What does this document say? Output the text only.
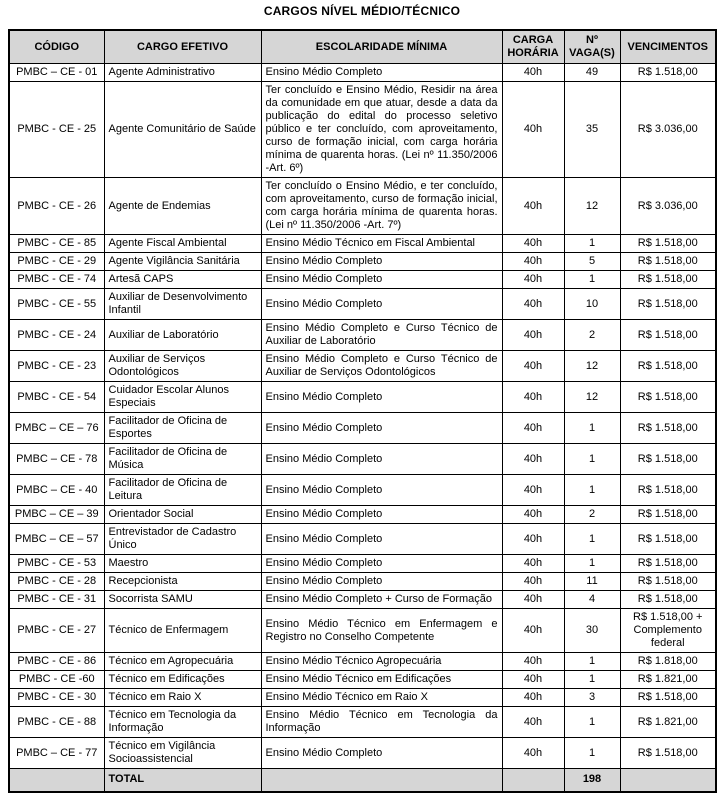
CARGOS NÍVEL MÉDIO/TÉCNICO
CÓDIGO	CARGO EFETIVO	ESCOLARIDADE MÍNIMA	CARGA HORÁRIA	Nº VAGA(S)	VENCIMENTOS
PMBC – CE - 01	Agente Administrativo	Ensino Médio Completo	40h	49	R$ 1.518,00
PMBC - CE - 25	Agente Comunitário de Saúde	Ter concluído e Ensino Médio, Residir na área da comunidade em que atuar, desde a data da publicação do edital do processo seletivo público e ter concluído, com aproveitamento, curso de formação inicial, com carga horária mínima de quarenta horas. (Lei nº 11.350/2006 -Art. 6º)	40h	35	R$ 3.036,00
PMBC - CE - 26	Agente de Endemias	Ter concluído o Ensino Médio, e ter concluído, com aproveitamento, curso de formação inicial, com carga horária mínima de quarenta horas. (Lei nº 11.350/2006 -Art. 7º)	40h	12	R$ 3.036,00
PMBC - CE - 85	Agente Fiscal Ambiental	Ensino Médio Técnico em Fiscal Ambiental	40h	1	R$ 1.518,00
PMBC - CE - 29	Agente Vigilância Sanitária	Ensino Médio Completo	40h	5	R$ 1.518,00
PMBC - CE - 74	Artesã CAPS	Ensino Médio Completo	40h	1	R$ 1.518,00
PMBC - CE - 55	Auxiliar de Desenvolvimento Infantil	Ensino Médio Completo	40h	10	R$ 1.518,00
PMBC - CE - 24	Auxiliar de Laboratório	Ensino Médio Completo e Curso Técnico de Auxiliar de Laboratório	40h	2	R$ 1.518,00
PMBC - CE - 23	Auxiliar de Serviços Odontológicos	Ensino Médio Completo e Curso Técnico de Auxiliar de Serviços Odontológicos	40h	12	R$ 1.518,00
PMBC - CE - 54	Cuidador Escolar Alunos Especiais	Ensino Médio Completo	40h	12	R$ 1.518,00
PMBC – CE – 76	Facilitador de Oficina de Esportes	Ensino Médio Completo	40h	1	R$ 1.518,00
PMBC – CE - 78	Facilitador de Oficina de Música	Ensino Médio Completo	40h	1	R$ 1.518,00
PMBC – CE - 40	Facilitador de Oficina de Leitura	Ensino Médio Completo	40h	1	R$ 1.518,00
PMBC – CE – 39	Orientador Social	Ensino Médio Completo	40h	2	R$ 1.518,00
PMBC – CE – 57	Entrevistador de Cadastro Único	Ensino Médio Completo	40h	1	R$ 1.518,00
PMBC - CE - 53	Maestro	Ensino Médio Completo	40h	1	R$ 1.518,00
PMBC - CE - 28	Recepcionista	Ensino Médio Completo	40h	11	R$ 1.518,00
PMBC - CE - 31	Socorrista SAMU	Ensino Médio Completo + Curso de Formação	40h	4	R$ 1.518,00
PMBC - CE - 27	Técnico de Enfermagem	Ensino Médio Técnico em Enfermagem e Registro no Conselho Competente	40h	30	R$ 1.518,00 + Complemento federal
PMBC - CE - 86	Técnico em Agropecuária	Ensino Médio Técnico Agropecuária	40h	1	R$ 1.818,00
PMBC - CE -60	Técnico em Edificações	Ensino Médio Técnico em Edificações	40h	1	R$ 1.821,00
PMBC - CE - 30	Técnico em Raio X	Ensino Médio Técnico em Raio X	40h	3	R$ 1.518,00
PMBC - CE - 88	Técnico em Tecnologia da Informação	Ensino Médio Técnico em Tecnologia da Informação	40h	1	R$ 1.821,00
PMBC – CE - 77	Técnico em Vigilância Socioassistencial	Ensino Médio Completo	40h	1	R$ 1.518,00
	TOTAL			198	
